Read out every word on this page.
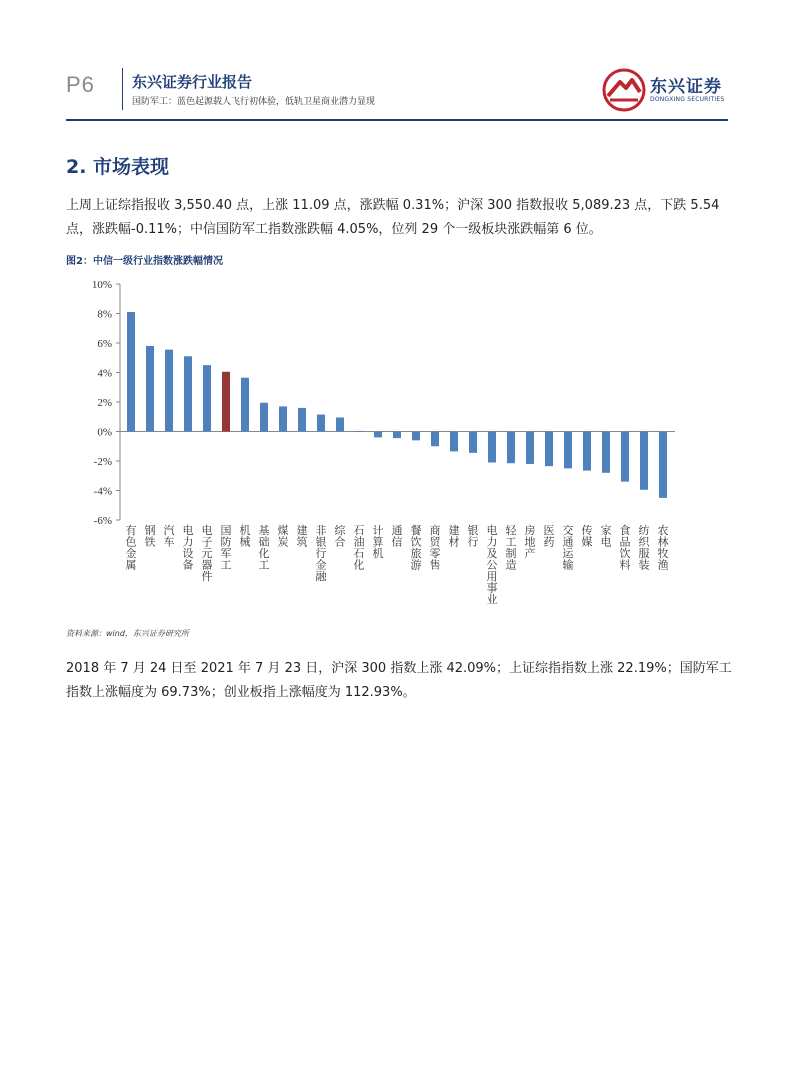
P6 东兴证券行业报告
国防军工：蓝色起源载人飞行初体验，低轨卫星商业潜力显现
东兴证券
DONGXING SECURITIES
2. 市场表现
上周上证综指报收 3,550.40 点，上涨 11.09 点，涨跌幅 0.31%；沪深 300 指数报收 5,089.23 点，下跌 5.54 点，涨跌幅-0.11%；中信国防军工指数涨跌幅 4.05%，位列 29 个一级板块涨跌幅第 6 位。
图2：中信一级行业指数涨跌幅情况
10%
8%
6%
4%
2%
0%
-2%
-4%
-6%
有色金属
钢铁
汽车
电力设备
电子元器件
国防军工
机械
基础化工
煤炭
建筑
非银行金融
综合
石油石化
计算机
通信
餐饮旅游
商贸零售
建材
银行
电力及公用事业
轻工制造
房地产
医药
交通运输
传媒
家电
食品饮料
纺织服装
农林牧渔
资料来源：wind，东兴证券研究所
2018 年 7 月 24 日至 2021 年 7 月 23 日，沪深 300 指数上涨 42.09%；上证综指指数上涨 22.19%；国防军工指数上涨幅度为 69.73%；创业板指上涨幅度为 112.93%。
